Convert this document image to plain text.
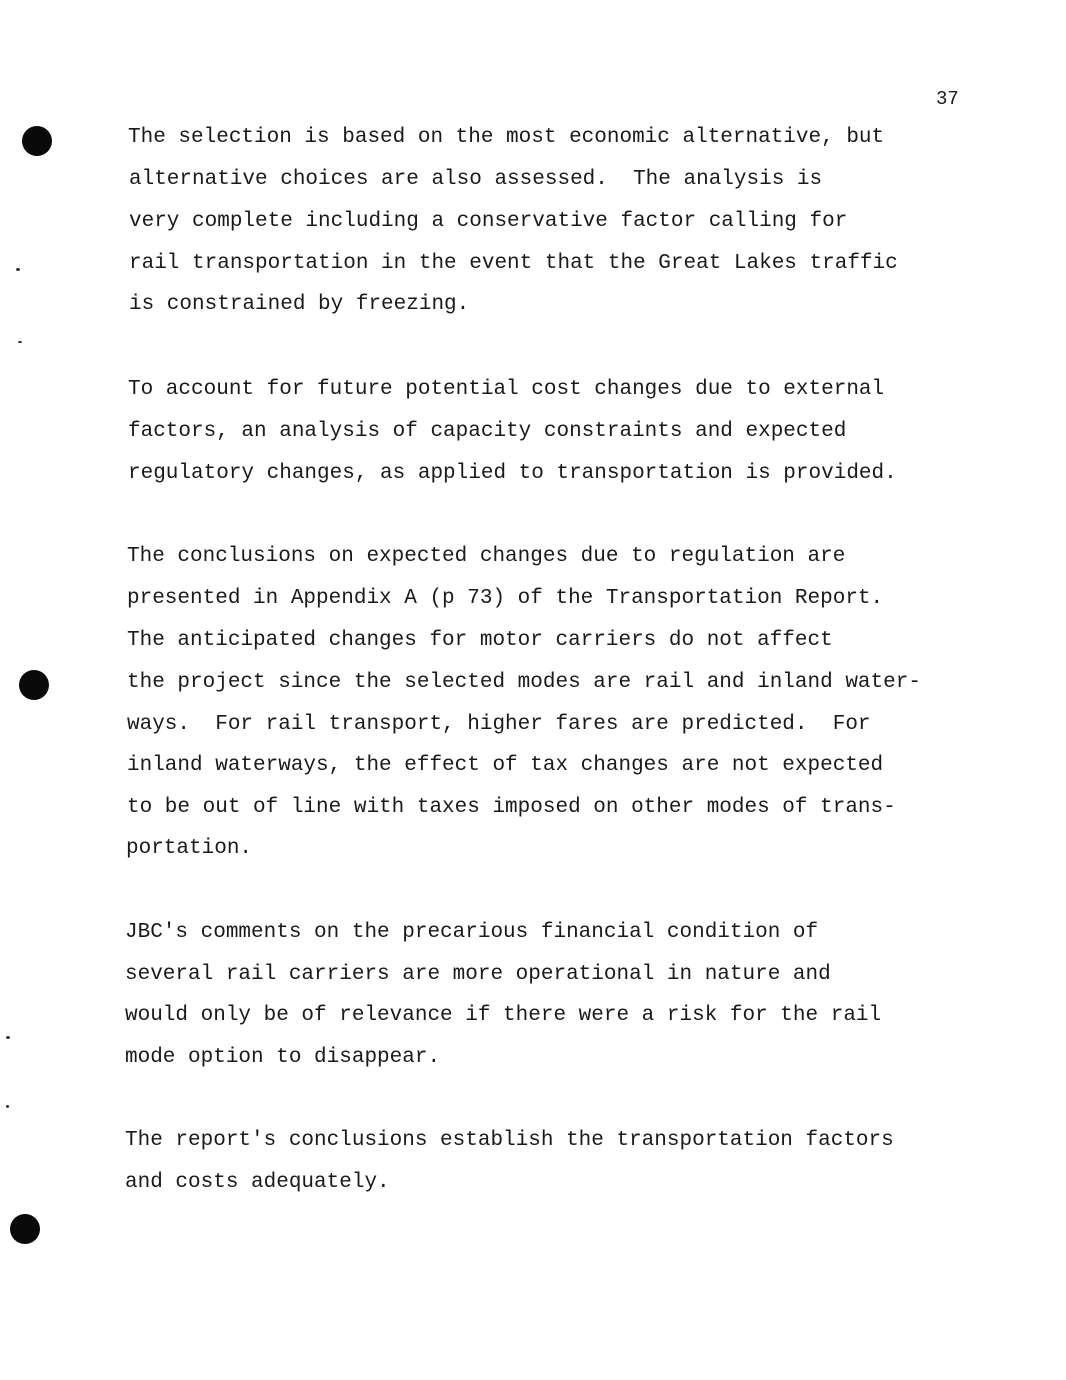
37
The selection is based on the most economic alternative, but
alternative choices are also assessed.  The analysis is
very complete including a conservative factor calling for
rail transportation in the event that the Great Lakes traffic
is constrained by freezing.
To account for future potential cost changes due to external
factors, an analysis of capacity constraints and expected
regulatory changes, as applied to transportation is provided.
The conclusions on expected changes due to regulation are
presented in Appendix A (p 73) of the Transportation Report.
The anticipated changes for motor carriers do not affect
the project since the selected modes are rail and inland water-
ways.  For rail transport, higher fares are predicted.  For
inland waterways, the effect of tax changes are not expected
to be out of line with taxes imposed on other modes of trans-
portation.
JBC's comments on the precarious financial condition of
several rail carriers are more operational in nature and
would only be of relevance if there were a risk for the rail
mode option to disappear.
The report's conclusions establish the transportation factors
and costs adequately.
